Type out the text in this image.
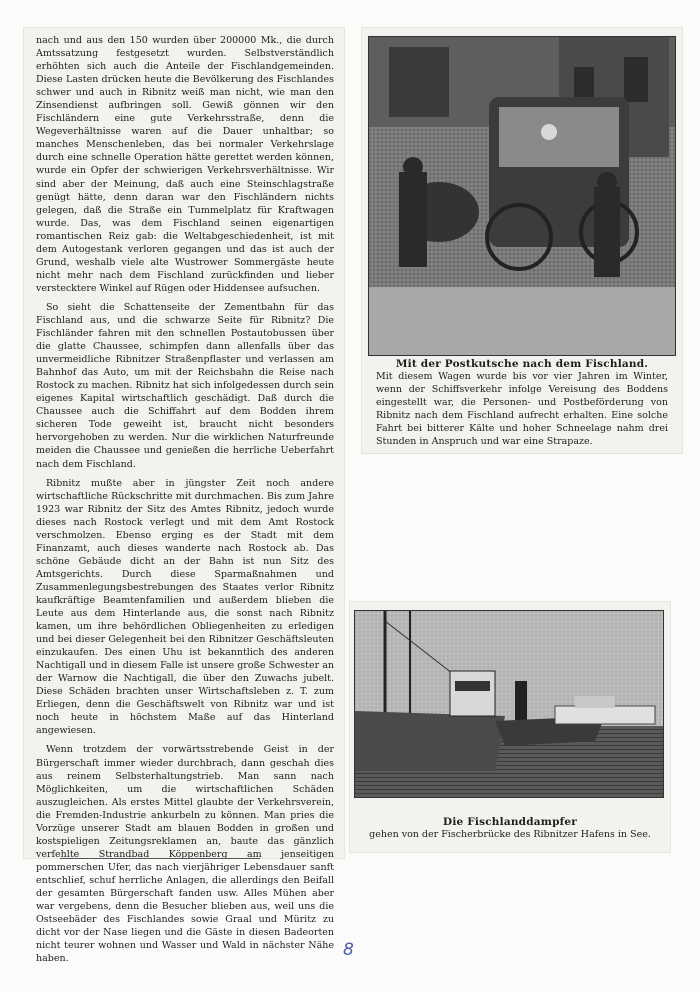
nach und aus den 150 wurden über 200000 Mk., die durch Amtssatzung festgesetzt wurden. Selbstverständlich erhöhten sich auch die Anteile der Fischlandgemeinden. Diese Lasten drücken heute die Bevölkerung des Fischlandes schwer und auch in Ribnitz weiß man nicht, wie man den Zinsendienst aufbringen soll. Gewiß gönnen wir den Fischländern eine gute Verkehrsstraße, denn die Wegeverhältnisse waren auf die Dauer unhaltbar; so manches Menschenleben, das bei normaler Verkehrslage durch eine schnelle Operation hätte gerettet werden können, wurde ein Opfer der schwierigen Verkehrsverhältnisse. Wir sind aber der Meinung, daß auch eine Steinschlagstraße genügt hätte, denn daran war den Fischländern nichts gelegen, daß die Straße ein Tummelplatz für Kraftwagen wurde. Das, was dem Fischland seinen eigenartigen romantischen Reiz gab: die Weltabgeschiedenheit, ist mit dem Autogestank verloren gegangen und das ist auch der Grund, weshalb viele alte Wustrower Sommergäste heute nicht mehr nach dem Fischland zurückfinden und lieber verstecktere Winkel auf Rügen oder Hiddensee aufsuchen.

So sieht die Schattenseite der Zementbahn für das Fischland aus, und die schwarze Seite für Ribnitz? Die Fischländer fahren mit den schnellen Postautobussen über die glatte Chaussee, schimpfen dann allenfalls über das unvermeidliche Ribnitzer Straßenpflaster und verlassen am Bahnhof das Auto, um mit der Reichsbahn die Reise nach Rostock zu machen. Ribnitz hat sich infolgedessen durch sein eigenes Kapital wirtschaftlich geschädigt. Daß durch die Chaussee auch die Schiffahrt auf dem Bodden ihrem sicheren Tode geweiht ist, braucht nicht besonders hervorgehoben zu werden. Nur die wirklichen Naturfreunde meiden die Chaussee und genießen die herrliche Ueberfahrt nach dem Fischland.

Ribnitz mußte aber in jüngster Zeit noch andere wirtschaftliche Rückschritte mit durchmachen. Bis zum Jahre 1923 war Ribnitz der Sitz des Amtes Ribnitz, jedoch wurde dieses nach Rostock verlegt und mit dem Amt Rostock verschmolzen. Ebenso erging es der Stadt mit dem Finanzamt, auch dieses wanderte nach Rostock ab. Das schöne Gebäude dicht an der Bahn ist nun Sitz des Amtsgerichts. Durch diese Sparmaßnahmen und Zusammenlegungsbestrebungen des Staates verlor Ribnitz kaufkräftige Beamtenfamilien und außerdem blieben die Leute aus dem Hinterlande aus, die sonst nach Ribnitz kamen, um ihre behördlichen Obliegenheiten zu erledigen und bei dieser Gelegenheit bei den Ribnitzer Geschäftsleuten einzukaufen. Des einen Uhu ist bekanntlich des anderen Nachtigall und in diesem Falle ist unsere große Schwester an der Warnow die Nachtigall, die über den Zuwachs jubelt. Diese Schäden brachten unser Wirtschaftsleben z. T. zum Erliegen, denn die Geschäftswelt von Ribnitz war und ist noch heute in höchstem Maße auf das Hinterland angewiesen.

Wenn trotzdem der vorwärtsstrebende Geist in der Bürgerschaft immer wieder durchbrach, dann geschah dies aus reinem Selbsterhaltungstrieb. Man sann nach Möglichkeiten, um die wirtschaftlichen Schäden auszugleichen. Als erstes Mittel glaubte der Verkehrsverein, die Fremden-Industrie ankurbeln zu können. Man pries die Vorzüge unserer Stadt am blauen Bodden in großen und kostspieligen Zeitungsreklamen an, baute das gänzlich verfehlte Strandbad Köppenberg am jenseitigen pommerschen Ufer, das nach vierjähriger Lebensdauer sanft entschlief, schuf herrliche Anlagen, die allerdings den Beifall der gesamten Bürgerschaft fanden usw. Alles Mühen aber war vergebens, denn die Besucher blieben aus, weil uns die Ostseebäder des Fischlandes sowie Graal und Müritz zu dicht vor der Nase liegen und die Gäste in diesen Badeorten nicht teurer wohnen und Wasser und Wald in nächster Nähe haben.

Mit der Postkutsche nach dem Fischland.
Mit diesem Wagen wurde bis vor vier Jahren im Winter, wenn der Schiffsverkehr infolge Vereisung des Boddens eingestellt war, die Personen- und Postbeförderung von Ribnitz nach dem Fischland aufrecht erhalten. Eine solche Fahrt bei bitterer Kälte und hoher Schneelage nahm drei Stunden in Anspruch und war eine Strapaze.
Die Fischlanddampfer
gehen von der Fischerbrücke des Ribnitzer Hafens in See.
8
